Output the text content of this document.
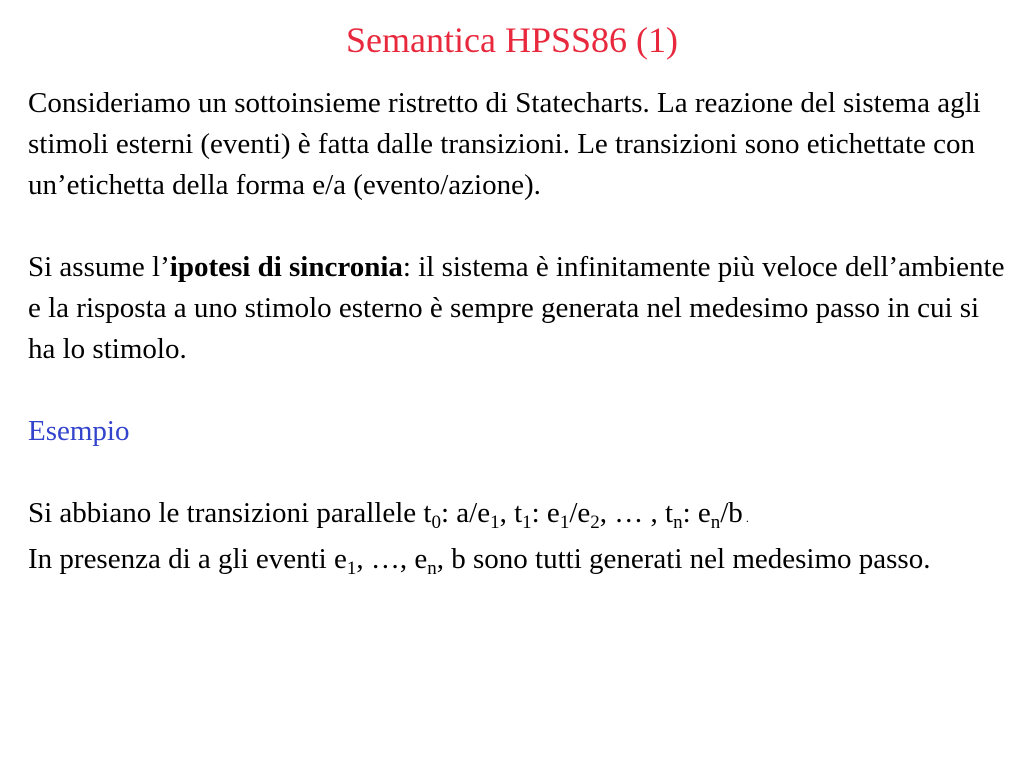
Semantica HPSS86 (1)

Consideriamo un sottoinsieme ristretto di Statecharts. La reazione del sistema agli stimoli esterni (eventi) è fatta dalle transizioni. Le transizioni sono etichettate con un’etichetta della forma e/a (evento/azione).

Si assume l’ipotesi di sincronia: il sistema è infinitamente più veloce dell’ambiente e la risposta a uno stimolo esterno è sempre generata nel medesimo passo in cui si ha lo stimolo.

Esempio

Si abbiano le transizioni parallele $t_0$: $a/e_1$, $t_1$: $e_1/e_2$, … , $t_n$: $e_n/b$ .

In presenza di a gli eventi $e_1$, …, $e_n$, b sono tutti generati nel medesimo passo.
